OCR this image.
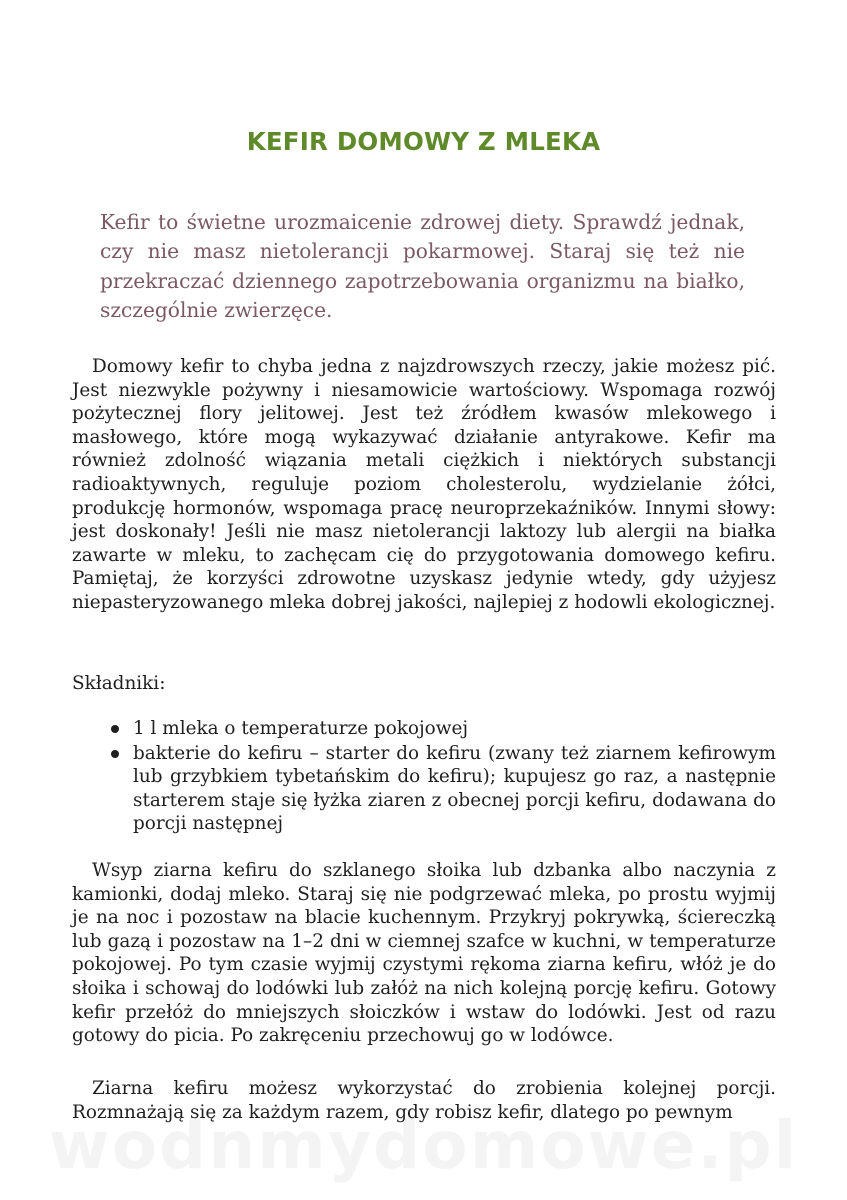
KEFIR DOMOWY Z MLEKA

Kefir to świetne urozmaicenie zdrowej diety. Sprawdź jednak, czy nie masz nietolerancji pokarmowej. Staraj się też nie przekraczać dziennego zapotrzebowania organizmu na białko, szczególnie zwierzęce.

Domowy kefir to chyba jedna z najzdrowszych rzeczy, jakie możesz pić. Jest niezwykle pożywny i niesamowicie wartościowy. Wspomaga rozwój pożytecznej flory jelitowej. Jest też źródłem kwasów mlekowego i masłowego, które mogą wykazywać działanie antyrakowe. Kefir ma również zdolność wiązania metali ciężkich i niektórych substancji radioaktywnych, reguluje poziom cholesterolu, wydzielanie żółci, produkcję hormonów, wspomaga pracę neuroprzekaźników. Innymi słowy: jest doskonały! Jeśli nie masz nietolerancji laktozy lub alergii na białka zawarte w mleku, to zachęcam cię do przygotowania domowego kefiru. Pamiętaj, że korzyści zdrowotne uzyskasz jedynie wtedy, gdy użyjesz niepasteryzowanego mleka dobrej jakości, najlepiej z hodowli ekologicznej.

Składniki:

1 l mleka o temperaturze pokojowej
bakterie do kefiru – starter do kefiru (zwany też ziarnem kefirowym lub grzybkiem tybetańskim do kefiru); kupujesz go raz, a następnie starterem staje się łyżka ziaren z obecnej porcji kefiru, dodawana do porcji następnej

Wsyp ziarna kefiru do szklanego słoika lub dzbanka albo naczynia z kamionki, dodaj mleko. Staraj się nie podgrzewać mleka, po prostu wyjmij je na noc i pozostaw na blacie kuchennym. Przykryj pokrywką, ściereczką lub gazą i pozostaw na 1–2 dni w ciemnej szafce w kuchni, w temperaturze pokojowej. Po tym czasie wyjmij czystymi rękoma ziarna kefiru, włóż je do słoika i schowaj do lodówki lub załóż na nich kolejną porcję kefiru. Gotowy kefir przełóż do mniejszych słoiczków i wstaw do lodówki. Jest od razu gotowy do picia. Po zakręceniu przechowuj go w lodówce.

Ziarna kefiru możesz wykorzystać do zrobienia kolejnej porcji. Rozmnażają się za każdym razem, gdy robisz kefir, dlatego po pewnym
